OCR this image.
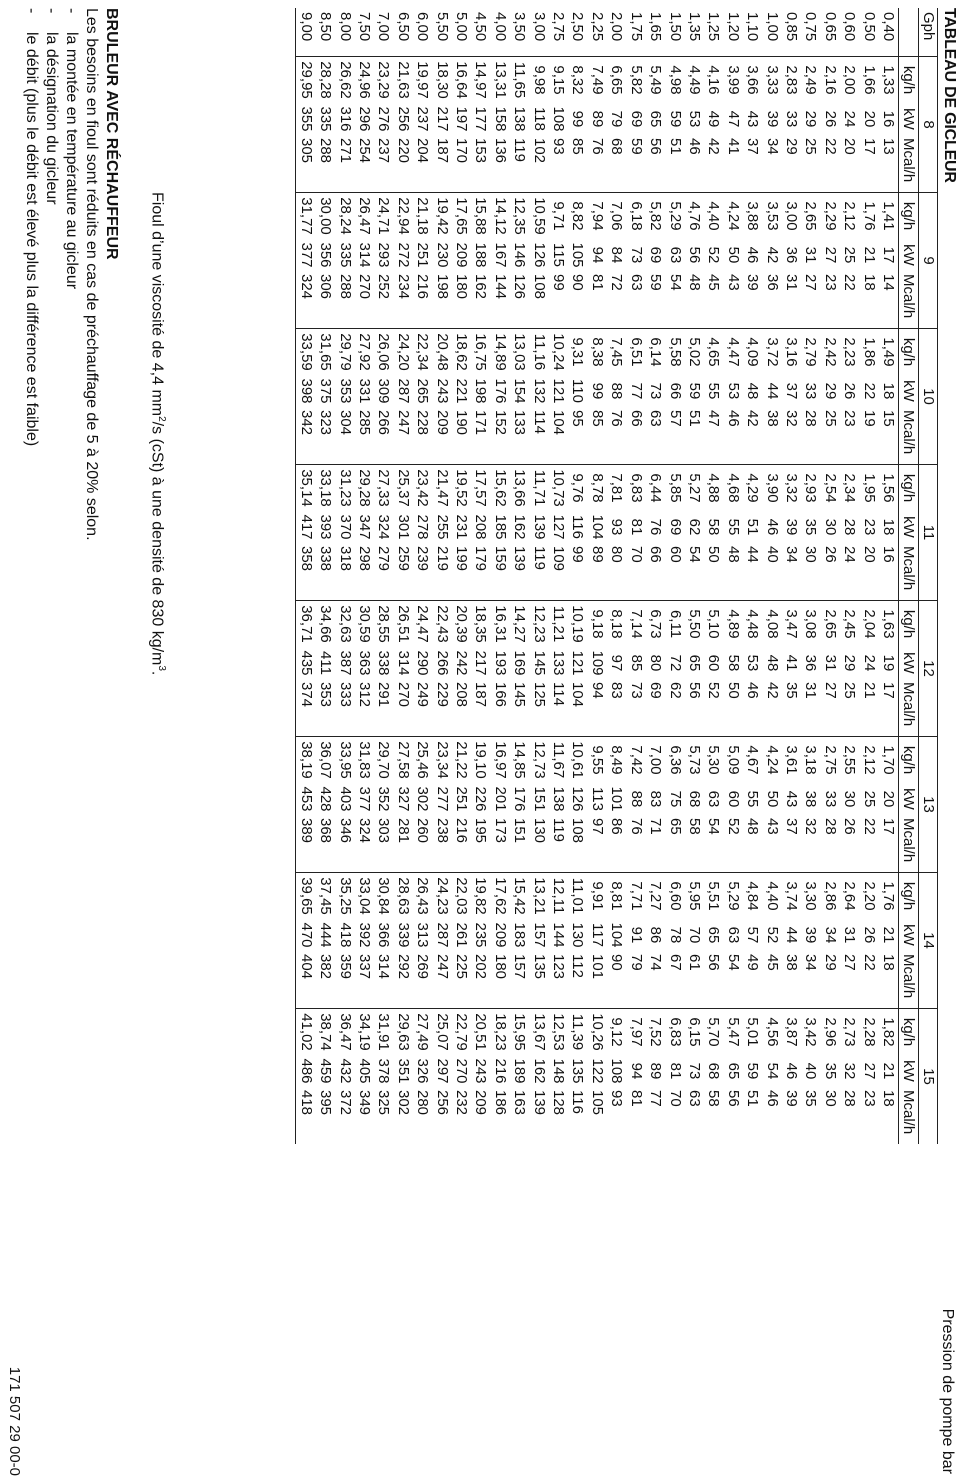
TABLEAU DE GICLEUR
Pression de pompe bar
Gph	8			9			10			11			12			13			14			15		
	kg/h	kW	Mcal/h	kg/h	kW	Mcal/h	kg/h	kW	Mcal/h	kg/h	kW	Mcal/h	kg/h	kW	Mcal/h	kg/h	kW	Mcal/h	kg/h	kW	Mcal/h	kg/h	kW	Mcal/h
0,40	1,33	16	13	1,41	17	14	1,49	18	15	1,56	18	16	1,63	19	17	1,70	20	17	1,76	21	18	1,82	21	18
0,50	1,66	20	17	1,76	21	18	1,86	22	19	1,95	23	20	2,04	24	21	2,12	25	22	2,20	26	22	2,28	27	23
0,60	2,00	24	20	2,12	25	22	2,23	26	23	2,34	28	24	2,45	29	25	2,55	30	26	2,64	31	27	2,73	32	28
0,65	2,16	26	22	2,29	27	23	2,42	29	25	2,54	30	26	2,65	31	27	2,75	33	28	2,86	34	29	2,96	35	30
0,75	2,49	29	25	2,65	31	27	2,79	33	28	2,93	35	30	3,08	36	31	3,18	38	32	3,30	39	34	3,42	40	35
0,85	2,83	33	29	3,00	36	31	3,16	37	32	3,32	39	34	3,47	41	35	3,61	43	37	3,74	44	38	3,87	46	39
1,00	3,33	39	34	3,53	42	36	3,72	44	38	3,90	46	40	4,08	48	42	4,24	50	43	4,40	52	45	4,56	54	46
1,10	3,66	43	37	3,88	46	39	4,09	48	42	4,29	51	44	4,48	53	46	4,67	55	48	4,84	57	49	5,01	59	51
1,20	3,99	47	41	4,24	50	43	4,47	53	46	4,68	55	48	4,89	58	50	5,09	60	52	5,29	63	54	5,47	65	56
1,25	4,16	49	42	4,40	52	45	4,65	55	47	4,88	58	50	5,10	60	52	5,30	63	54	5,51	65	56	5,70	68	58
1,35	4,49	53	46	4,76	56	48	5,02	59	51	5,27	62	54	5,50	65	56	5,73	68	58	5,95	70	61	6,15	73	63
1,50	4,98	59	51	5,29	63	54	5,58	66	57	5,85	69	60	6,11	72	62	6,36	75	65	6,60	78	67	6,83	81	70
1,65	5,49	65	56	5,82	69	59	6,14	73	63	6,44	76	66	6,73	80	69	7,00	83	71	7,27	86	74	7,52	89	77
1,75	5,82	69	59	6,18	73	63	6,51	77	66	6,83	81	70	7,14	85	73	7,42	88	76	7,71	91	79	7,97	94	81
2,00	6,65	79	68	7,06	84	72	7,45	88	76	7,81	93	80	8,18	97	83	8,49	101	86	8,81	104	90	9,12	108	93
2,25	7,49	89	76	7,94	94	81	8,38	99	85	8,78	104	89	9,18	109	94	9,55	113	97	9,91	117	101	10,26	122	105
2,50	8,32	99	85	8,82	105	90	9,31	110	95	9,76	116	99	10,19	121	104	10,61	126	108	11,01	130	112	11,39	135	116
2,75	9,15	108	93	9,71	115	99	10,24	121	104	10,73	127	109	11,21	133	114	11,67	138	119	12,11	144	123	12,53	148	128
3,00	9,98	118	102	10,59	126	108	11,16	132	114	11,71	139	119	12,23	145	125	12,73	151	130	13,21	157	135	13,67	162	139
3,50	11,65	138	119	12,35	146	126	13,03	154	133	13,66	162	139	14,27	169	145	14,85	176	151	15,42	183	157	15,95	189	163
4,00	13,31	158	136	14,12	167	144	14,89	176	152	15,62	185	159	16,31	193	166	16,97	201	173	17,62	209	180	18,23	216	186
4,50	14,97	177	153	15,88	188	162	16,75	198	171	17,57	208	179	18,35	217	187	19,10	226	195	19,82	235	202	20,51	243	209
5,00	16,64	197	170	17,65	209	180	18,62	221	190	19,52	231	199	20,39	242	208	21,22	251	216	22,03	261	225	22,79	270	232
5,50	18,30	217	187	19,42	230	198	20,48	243	209	21,47	255	219	22,43	266	229	23,34	277	238	24,23	287	247	25,07	297	256
6,00	19,97	237	204	21,18	251	216	22,34	265	228	23,42	278	239	24,47	290	249	25,46	302	260	26,43	313	269	27,49	326	280
6,50	21,63	256	220	22,94	272	234	24,20	287	247	25,37	301	259	26,51	314	270	27,58	327	281	28,63	339	292	29,63	351	302
7,00	23,29	276	237	24,71	293	252	26,06	309	266	27,33	324	279	28,55	338	291	29,70	352	303	30,84	366	314	31,91	378	325
7,50	24,96	296	254	26,47	314	270	27,92	331	285	29,28	347	298	30,59	363	312	31,83	377	324	33,04	392	337	34,19	405	349
8,00	26,62	316	271	28,24	335	288	29,79	353	304	31,23	370	318	32,63	387	333	33,95	403	346	35,25	418	359	36,47	432	372
8,50	28,28	335	288	30,00	356	306	31,65	375	323	33,18	393	338	34,66	411	353	36,07	428	368	37,45	444	382	38,74	459	395
9,00	29,95	355	305	31,77	377	324	33,59	398	342	35,14	417	358	36,71	435	374	38,19	453	389	39,65	470	404	41,02	486	418
Fioul d’une viscosité de 4,4 $mm^2/s$ (cSt) à une densité de 830 $kg/m^3$.
BRULEUR AVEC RÉCHAUFFEUR
Les besoins en fioul sont réduits en cas de préchauffage de 5 à 20% selon.
-la montée en température au gicleur
-la désignation du gicleur
-le débit (plus le débit est élevé plus la différence est faible)
171 507 29 00-0
